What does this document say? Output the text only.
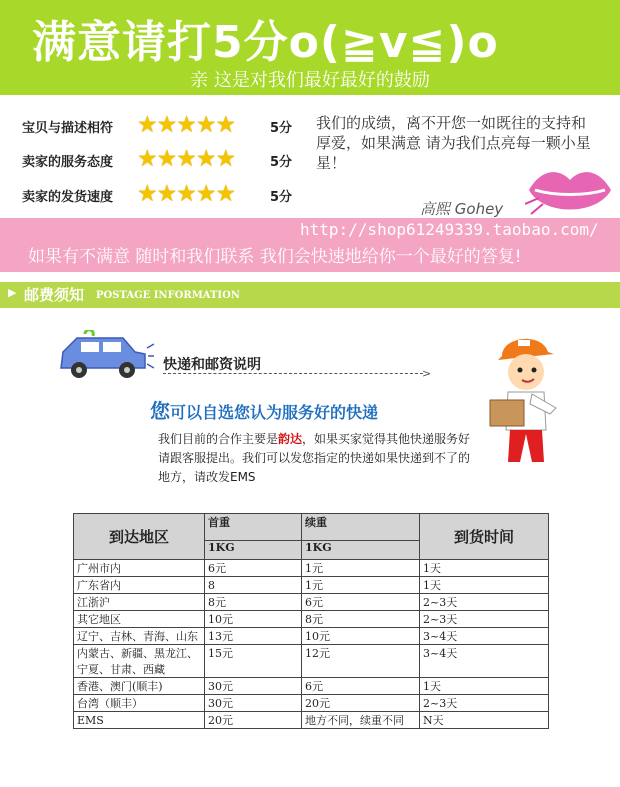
满意请打5分o(≧v≦)o
亲 这是对我们最好最好的鼓励
宝贝与描述相符 ★★★★★	5分
卖家的服务态度 ★★★★★	5分
卖家的发货速度 ★★★★★	5分
我们的成绩，离不开您一如既往的支持和厚爱，如果满意 请为我们点亮每一颗小星星！
高熙 Gohey
http://shop61249339.taobao.com/
如果有不满意 随时和我们联系 我们会快速地给你一个最好的答复!
▶ 邮费须知 POSTAGE INFORMATION
快递和邮资说明
>
您可以自选您认为服务好的快递
我们目前的合作主要是韵达，如果买家觉得其他快递服务好请跟客服提出。我们可以发您指定的快递如果快递到不了的地方，请改发EMS
到达地区	首重	续重	到货时间
	1KG	1KG	
广州市内	6元	1元	1天
广东省内	8	1元	1天
江浙沪	8元	6元	2~3天
其它地区	10元	8元	2~3天
辽宁、吉林、青海、山东	13元	10元	3~4天
内蒙古、新疆、黑龙江、宁夏、甘肃、西藏	15元	12元	3~4天
香港、澳门(顺丰)	30元	6元	1天
台湾（顺丰）	30元	20元	2~3天
EMS	20元	地方不同，续重不同	N天
